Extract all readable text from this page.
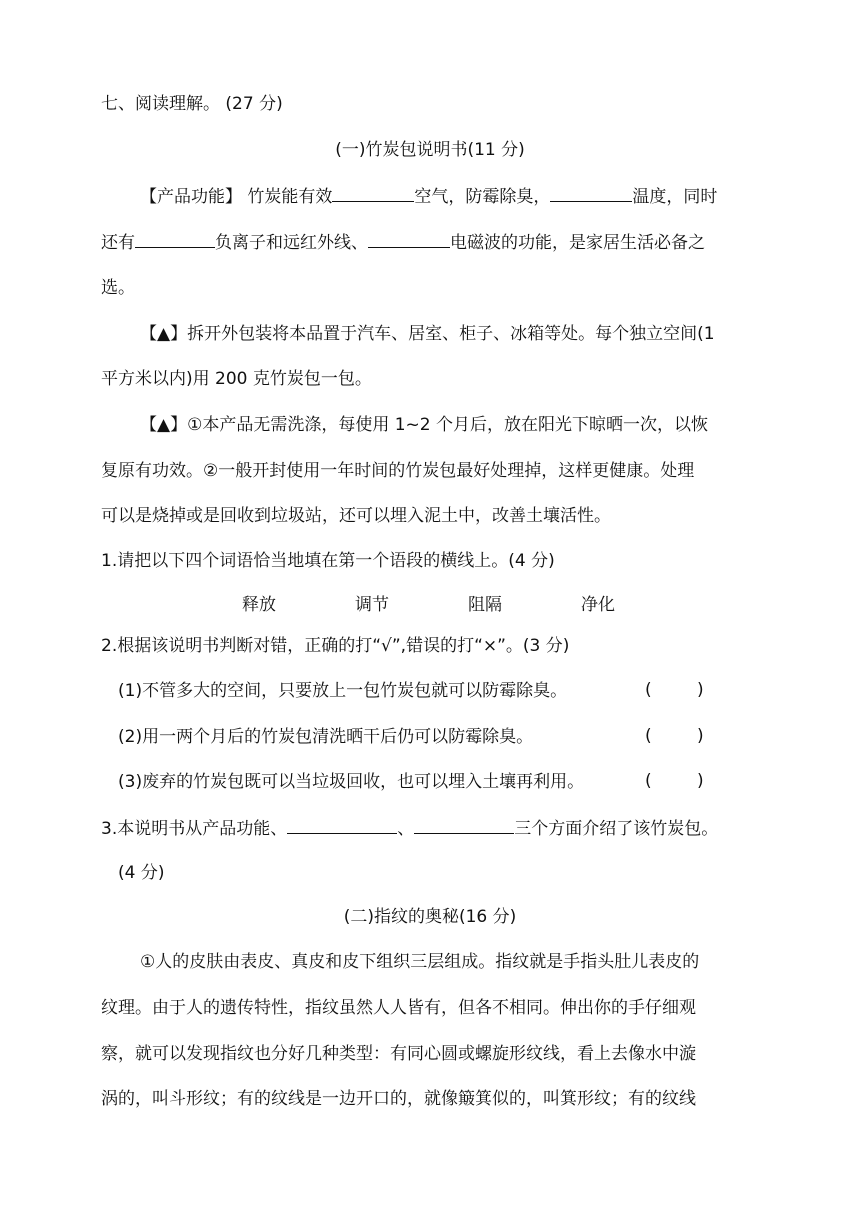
七、阅读理解。 (27 分)
(一)竹炭包说明书(11 分)
【产品功能】 竹炭能有效	空气，防霉除臭，	温度，同时
还有	负离子和远红外线、	电磁波的功能，是家居生活必备之
选。
【▲】拆开外包装将本品置于汽车、居室、柜子、冰箱等处。每个独立空间(1
平方米以内)用 200 克竹炭包一包。
【▲】①本产品无需洗涤，每使用 1~2 个月后，放在阳光下晾晒一次，以恢
复原有功效。②一般开封使用一年时间的竹炭包最好处理掉，这样更健康。处理
可以是烧掉或是回收到垃圾站，还可以埋入泥土中，改善土壤活性。
1.请把以下四个词语恰当地填在第一个语段的横线上。(4 分)
释放	调节	阻隔	净化
2.根据该说明书判断对错，正确的打“√”,错误的打“×”。(3 分)
(1)不管多大的空间，只要放上一包竹炭包就可以防霉除臭。	(	)
(2)用一两个月后的竹炭包清洗晒干后仍可以防霉除臭。	(	)
(3)废弃的竹炭包既可以当垃圾回收，也可以埋入土壤再利用。	(	)
3.本说明书从产品功能、	、	三个方面介绍了该竹炭包。
(4 分)
(二)指纹的奥秘(16 分)
①人的皮肤由表皮、真皮和皮下组织三层组成。指纹就是手指头肚儿表皮的
纹理。由于人的遗传特性，指纹虽然人人皆有，但各不相同。伸出你的手仔细观
察，就可以发现指纹也分好几种类型：有同心圆或螺旋形纹线，看上去像水中漩
涡的，叫斗形纹；有的纹线是一边开口的，就像簸箕似的，叫箕形纹；有的纹线
